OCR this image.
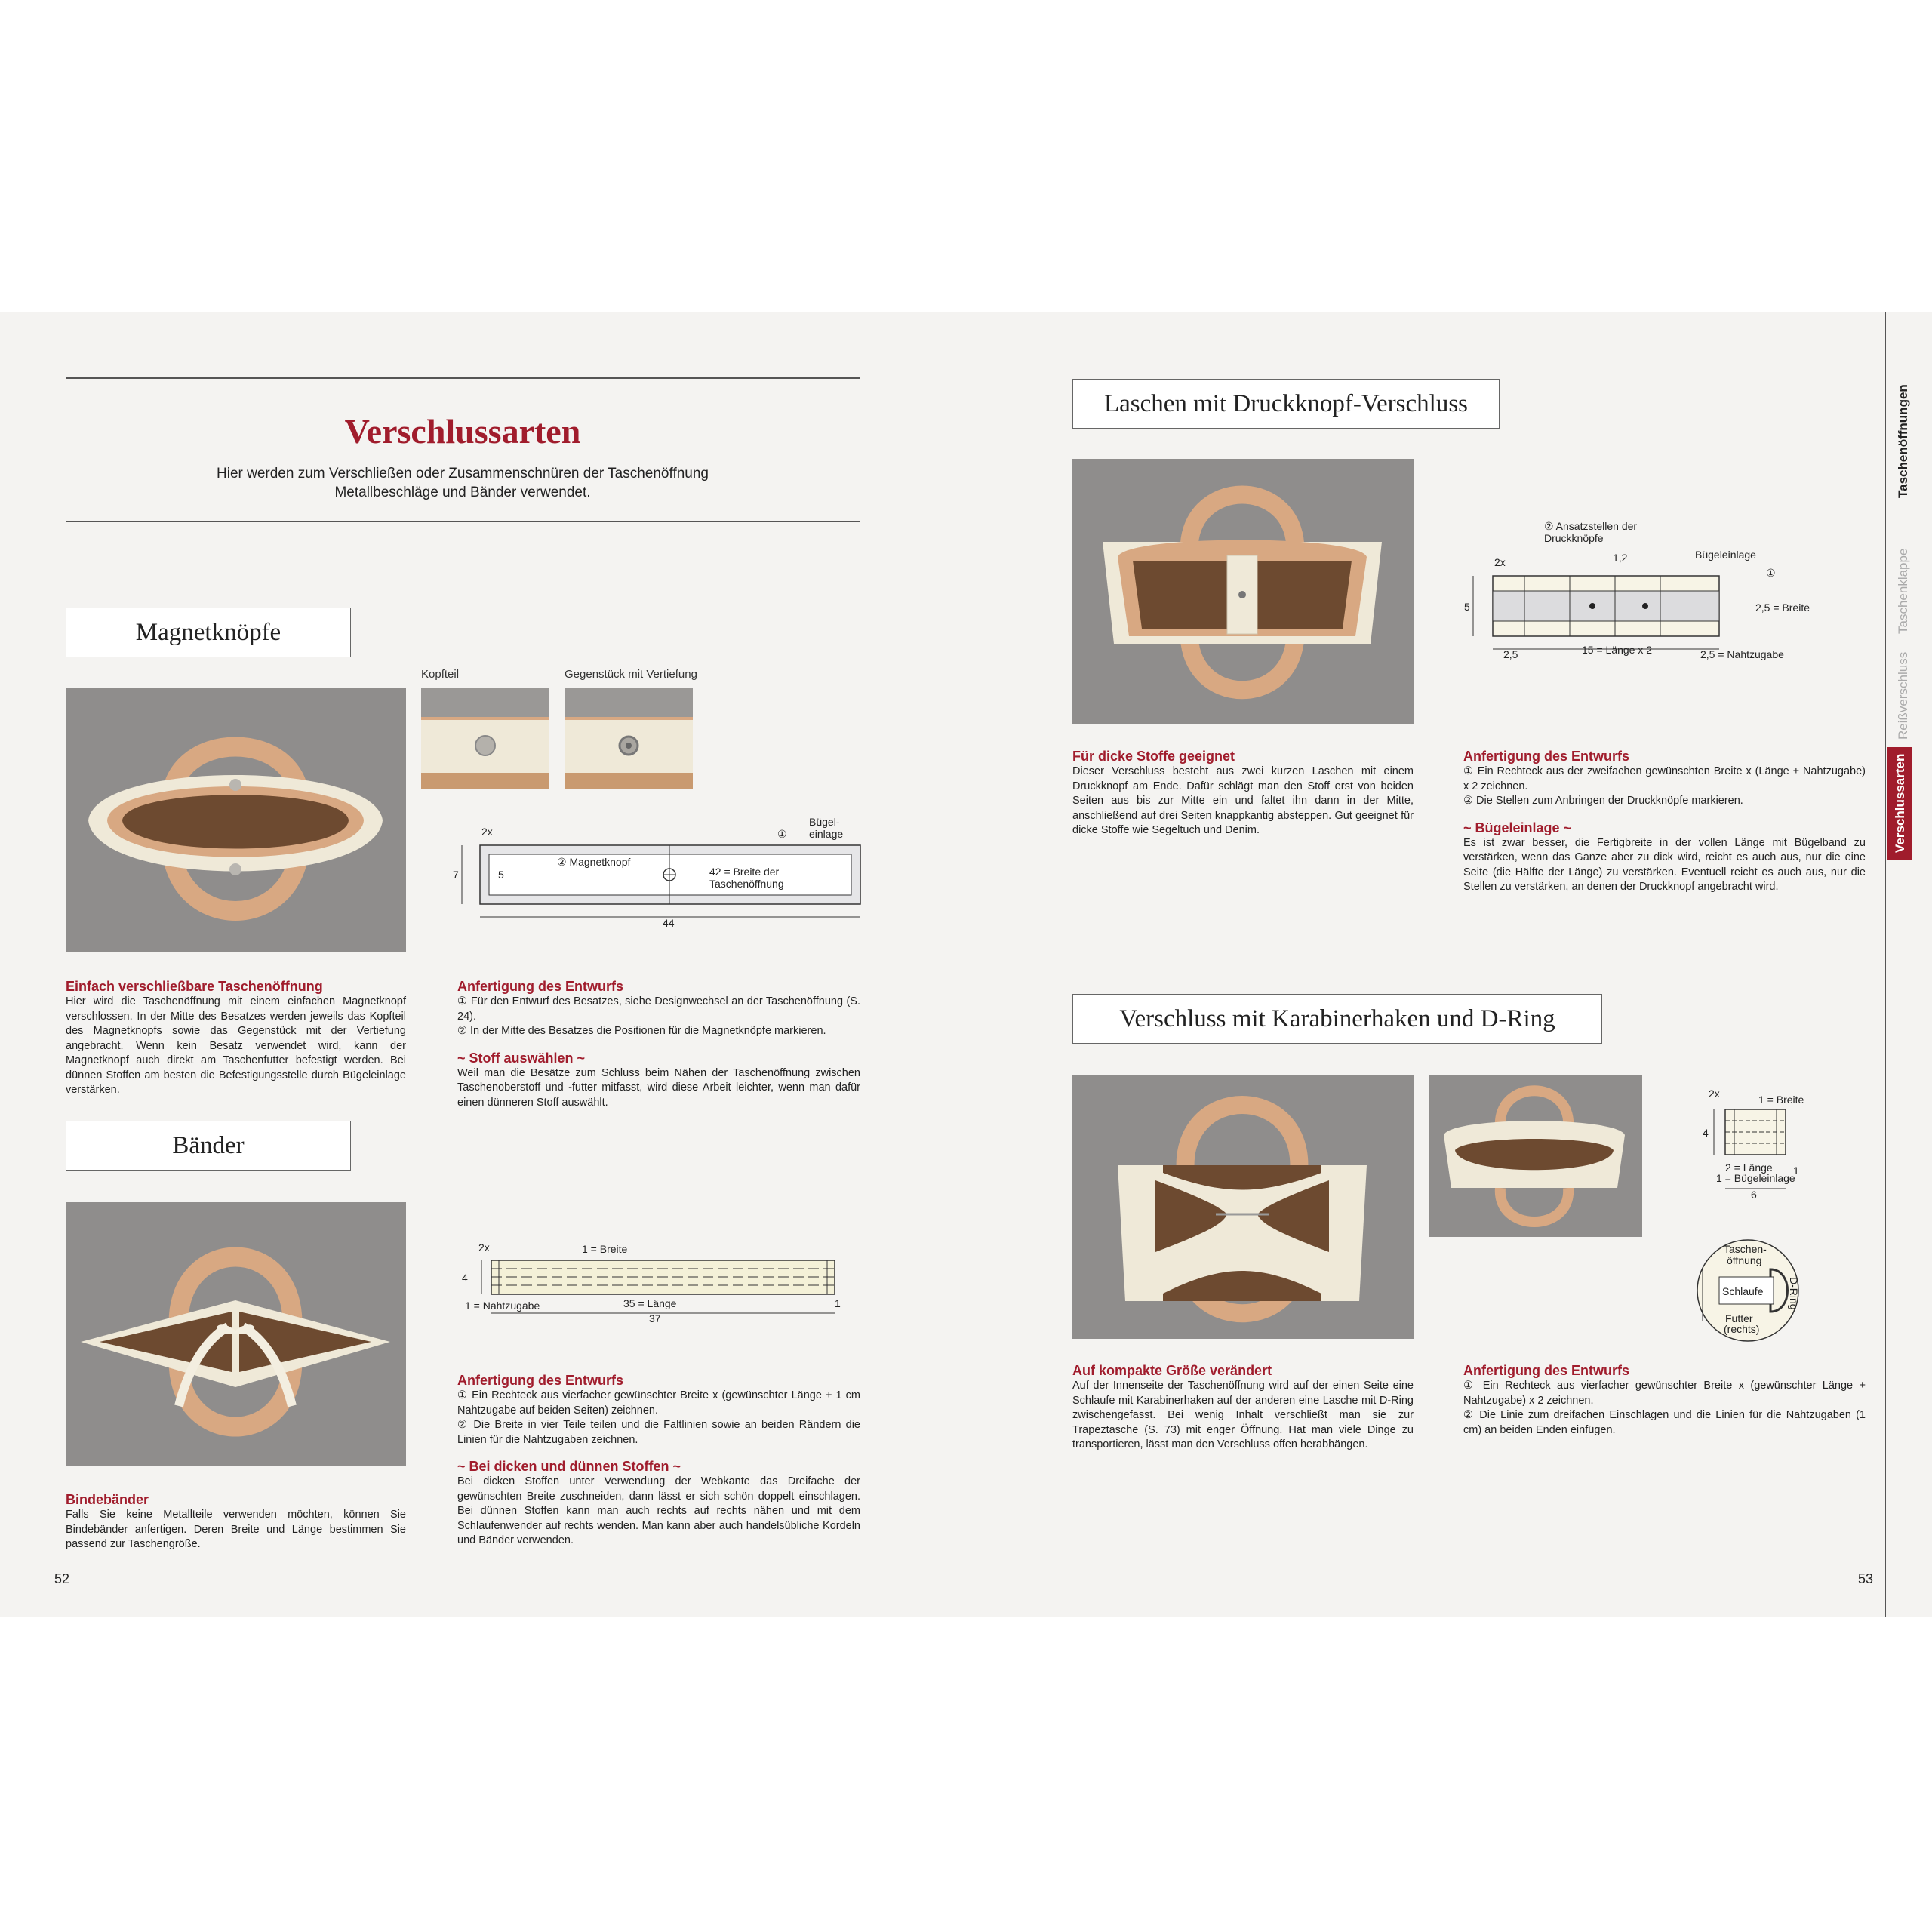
Verschlussarten
Hier werden zum Verschließen oder Zusammenschnüren der Taschenöffnung Metallbeschläge und Bänder verwendet.
Magnetknöpfe
Kopfteil	Gegenstück mit Vertiefung
2x	①
Bügel-
einlage
② Magnetknopf
42 = Breite der
Taschenöffnung
7	5
44
Einfach verschließbare Taschenöffnung

Hier wird die Taschenöffnung mit einem einfachen Magnetknopf verschlossen. In der Mitte des Besatzes werden jeweils das Kopfteil des Magnetknopfs sowie das Gegenstück mit der Vertiefung angebracht. Wenn kein Besatz verwendet wird, kann der Magnetknopf auch direkt am Taschenfutter befestigt werden. Bei dünnen Stoffen am besten die Befestigungsstelle durch Bügeleinlage verstärken.

Anfertigung des Entwurfs

① Für den Entwurf des Besatzes, siehe Designwechsel an der Taschenöffnung (S. 24).

② In der Mitte des Besatzes die Positionen für die Magnetknöpfe markieren.

~ Stoff auswählen ~

Weil man die Besätze zum Schluss beim Nähen der Taschenöffnung zwischen Taschenoberstoff und -futter mitfasst, wird diese Arbeit leichter, wenn man dafür einen dünneren Stoff auswählt.

Bänder
2x	1 = Breite
4
35 = Länge
1 = Nahtzugabe
37
1
Bindebänder

Falls Sie keine Metallteile verwenden möchten, können Sie Bindebänder anfertigen. Deren Breite und Länge bestimmen Sie passend zur Taschengröße.

Anfertigung des Entwurfs

① Ein Rechteck aus vierfacher gewünschter Breite x (gewünschter Länge + 1 cm Nahtzugabe auf beiden Seiten) zeichnen.

② Die Breite in vier Teile teilen und die Faltlinien sowie an beiden Rändern die Linien für die Nahtzugaben zeichnen.

~ Bei dicken und dünnen Stoffen ~

Bei dicken Stoffen unter Verwendung der Webkante das Dreifache der gewünschten Breite zuschneiden, dann lässt er sich schön doppelt einschlagen. Bei dünnen Stoffen kann man auch rechts auf rechts nähen und mit dem Schlaufenwender auf rechts wenden. Man kann aber auch handelsübliche Kordeln und Bänder verwenden.

52
Laschen mit Druckknopf-Verschluss
② Ansatzstellen der
Druckknöpfe
2x	1,2	Bügeleinlage
①
5	2,5 = Breite
2,5	15 = Länge x 2	2,5 = Nahtzugabe
Für dicke Stoffe geeignet

Dieser Verschluss besteht aus zwei kurzen Laschen mit einem Druckknopf am Ende. Dafür schlägt man den Stoff erst von beiden Seiten aus bis zur Mitte ein und faltet ihn dann in der Mitte, anschließend auf drei Seiten knappkantig absteppen. Gut geeignet für dicke Stoffe wie Segeltuch und Denim.

Anfertigung des Entwurfs

① Ein Rechteck aus der zweifachen gewünschten Breite x (Länge + Nahtzugabe) x 2 zeichnen.

② Die Stellen zum Anbringen der Druckknöpfe markieren.

~ Bügeleinlage ~

Es ist zwar besser, die Fertigbreite in der vollen Länge mit Bügelband zu verstärken, wenn das Ganze aber zu dick wird, reicht es auch aus, nur die eine Seite (die Hälfte der Länge) zu verstärken. Eventuell reicht es auch aus, nur die Stellen zu verstärken, an denen der Druckknopf angebracht wird.

Verschluss mit Karabinerhaken und D-Ring
2x	1 = Breite
4
2 = Länge 1
1 = Bügeleinlage
6
Taschen-
öffnung
Schlaufe D-Ring
Futter
(rechts)
Auf kompakte Größe verändert

Auf der Innenseite der Taschenöffnung wird auf der einen Seite eine Schlaufe mit Karabinerhaken auf der anderen eine Lasche mit D-Ring zwischengefasst. Bei wenig Inhalt verschließt man sie zur Trapeztasche (S. 73) mit enger Öffnung. Hat man viele Dinge zu transportieren, lässt man den Verschluss offen herabhängen.

Anfertigung des Entwurfs

① Ein Rechteck aus vierfacher gewünschter Breite x (gewünschter Länge + Nahtzugabe) x 2 zeichnen.

② Die Linie zum dreifachen Einschlagen und die Linien für die Nahtzugaben (1 cm) an beiden Enden einfügen.

53
Taschenöffnungen
Taschenklappe
Reißverschluss
Verschlussarten
